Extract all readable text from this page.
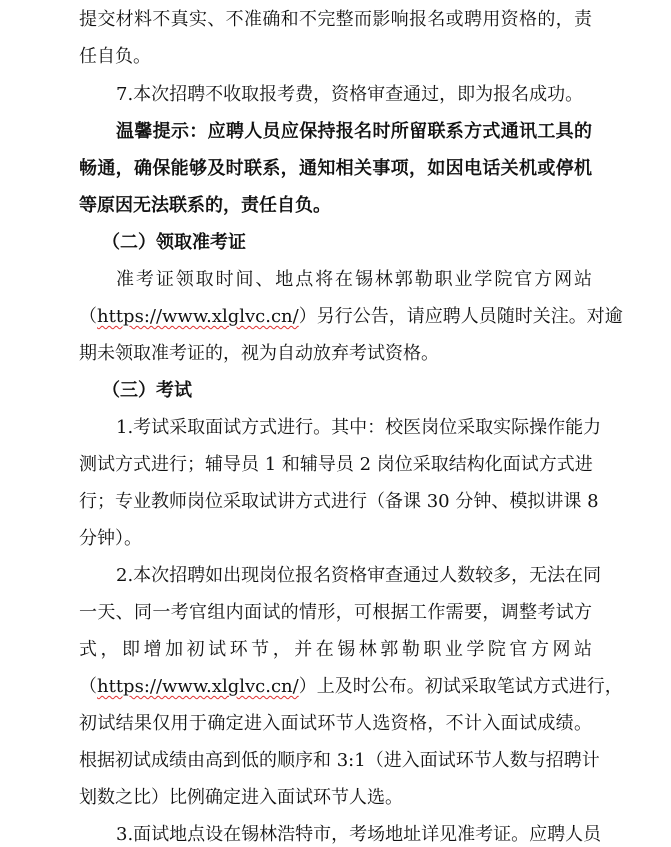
提交材料不真实、不准确和不完整而影响报名或聘用资格的，责
任自负。
7.本次招聘不收取报考费，资格审查通过，即为报名成功。
温馨提示：应聘人员应保持报名时所留联系方式通讯工具的
畅通，确保能够及时联系，通知相关事项，如因电话关机或停机
等原因无法联系的，责任自负。
（二）领取准考证
准考证领取时间、地点将在锡林郭勒职业学院官方网站
（https://www.xlglvc.cn/）另行公告，请应聘人员随时关注。对逾
期未领取准考证的，视为自动放弃考试资格。
（三）考试
1.考试采取面试方式进行。其中：校医岗位采取实际操作能力
测试方式进行；辅导员 1 和辅导员 2 岗位采取结构化面试方式进
行；专业教师岗位采取试讲方式进行（备课 30 分钟、模拟讲课 8
分钟）。
2.本次招聘如出现岗位报名资格审查通过人数较多，无法在同
一天、同一考官组内面试的情形，可根据工作需要，调整考试方
式，即增加初试环节，并在锡林郭勒职业学院官方网站
（https://www.xlglvc.cn/）上及时公布。初试采取笔试方式进行，
初试结果仅用于确定进入面试环节人选资格，不计入面试成绩。
根据初试成绩由高到低的顺序和 3:1（进入面试环节人数与招聘计
划数之比）比例确定进入面试环节人选。
3.面试地点设在锡林浩特市，考场地址详见准考证。应聘人员
